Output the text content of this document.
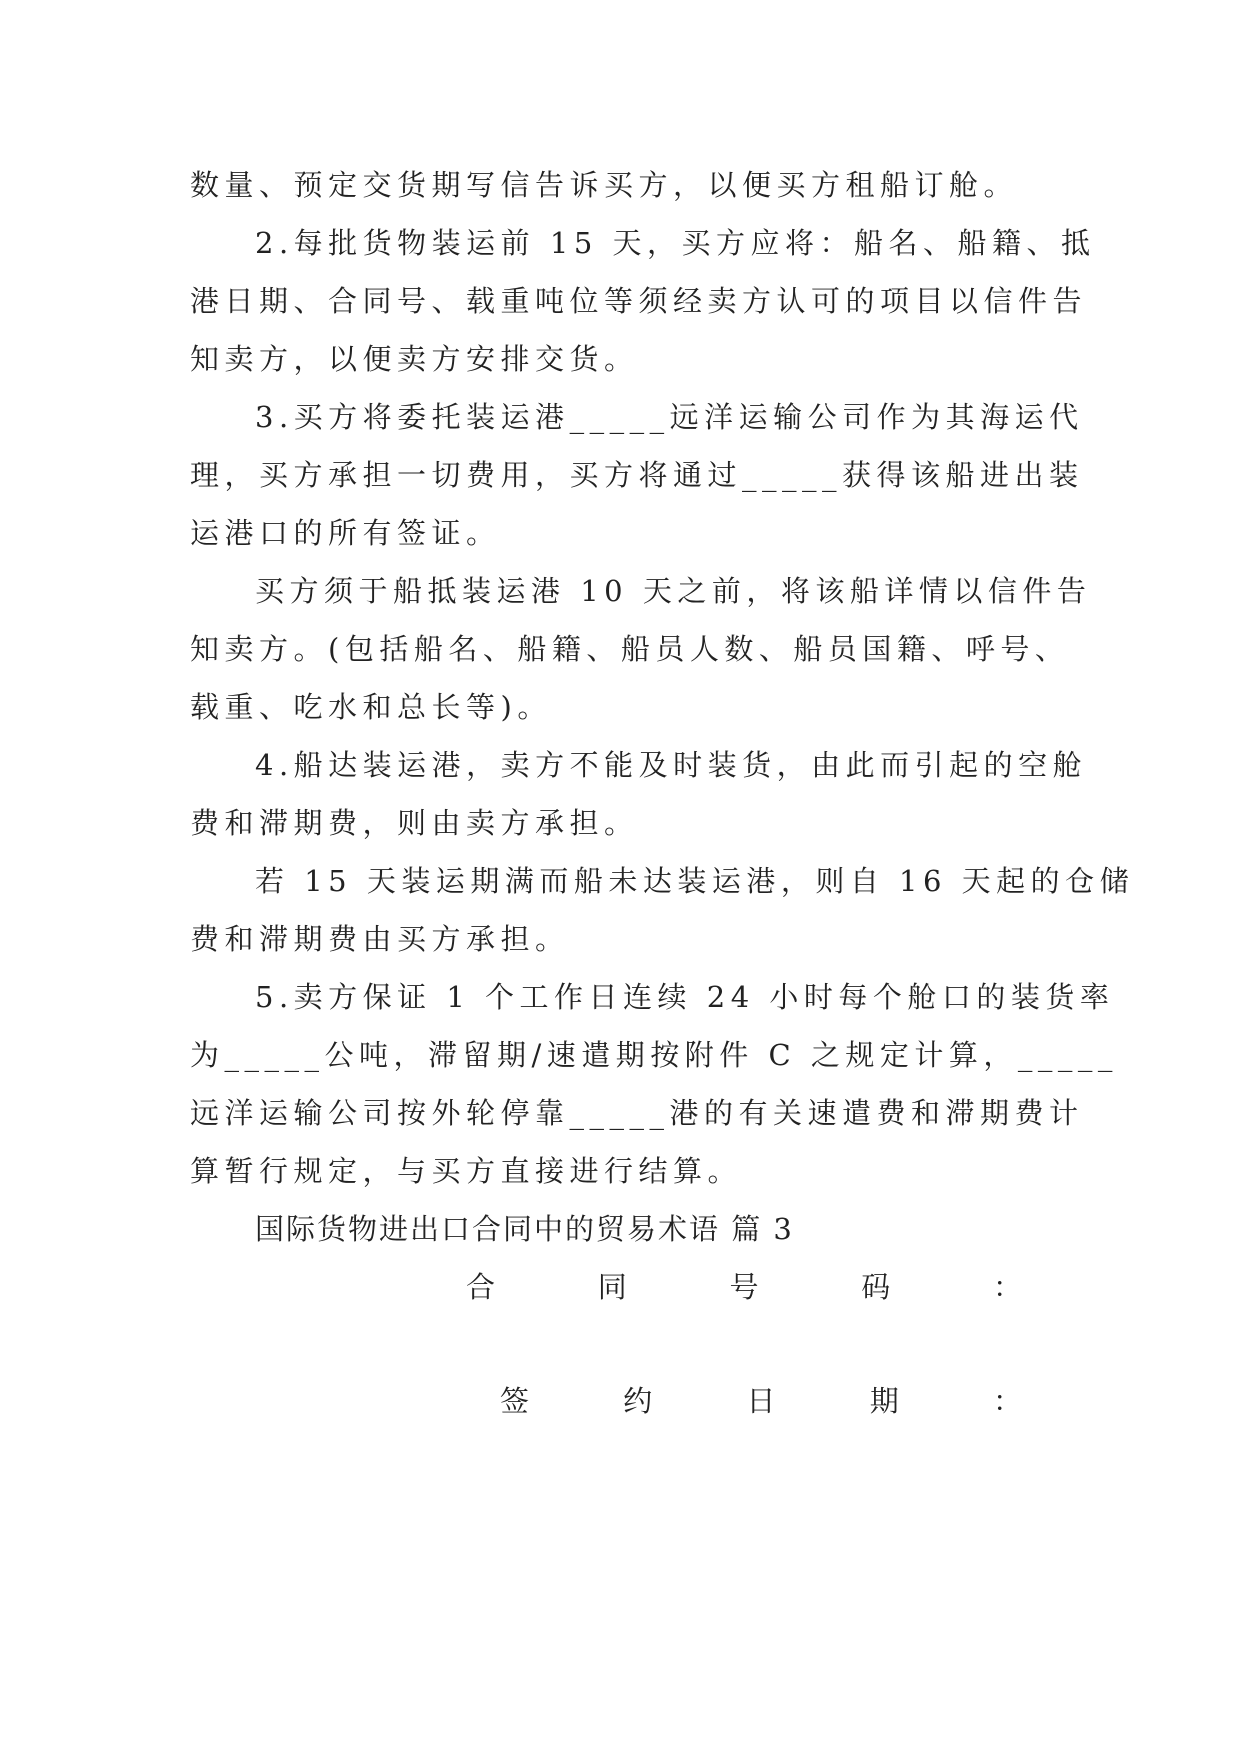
数量、预定交货期写信告诉买方，以便买方租船订舱。
2.每批货物装运前 15 天，买方应将：船名、船籍、抵
港日期、合同号、载重吨位等须经卖方认可的项目以信件告
知卖方，以便卖方安排交货。
3.买方将委托装运港_____远洋运输公司作为其海运代
理，买方承担一切费用，买方将通过_____获得该船进出装
运港口的所有签证。
买方须于船抵装运港 10 天之前，将该船详情以信件告
知卖方。(包括船名、船籍、船员人数、船员国籍、呼号、
载重、吃水和总长等)。
4.船达装运港，卖方不能及时装货，由此而引起的空舱
费和滞期费，则由卖方承担。
若 15 天装运期满而船未达装运港，则自 16 天起的仓储
费和滞期费由买方承担。
5.卖方保证 1 个工作日连续 24 小时每个舱口的装货率
为_____公吨，滞留期/速遣期按附件 C 之规定计算，_____
远洋运输公司按外轮停靠_____港的有关速遣费和滞期费计
算暂行规定，与买方直接进行结算。
国际货物进出口合同中的贸易术语 篇 3
合	同	号	码	：
签	约	日	期	：
